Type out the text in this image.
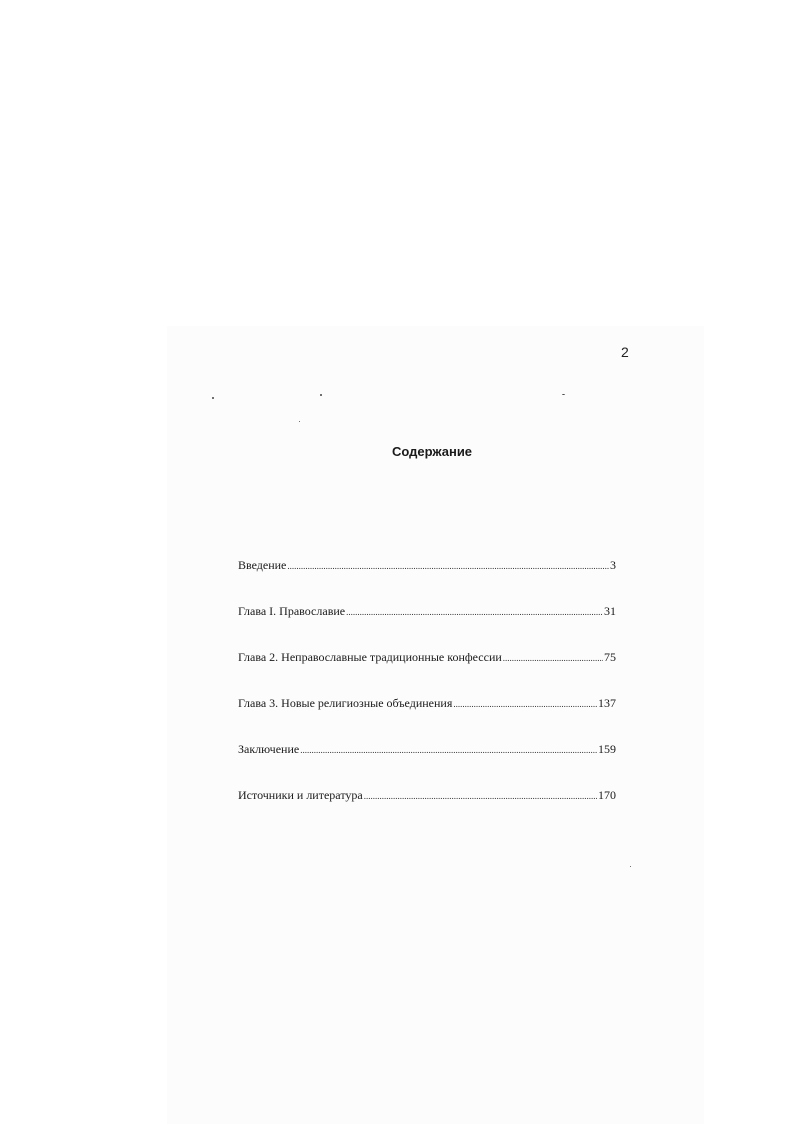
2
Содержание
Введение .....	3
Глава I. Православие .....	31
Глава 2. Неправославные традиционные конфессии .....	75
Глава 3. Новые религиозные объединения .....	137
Заключение .....	159
Источники и литература .....	170
